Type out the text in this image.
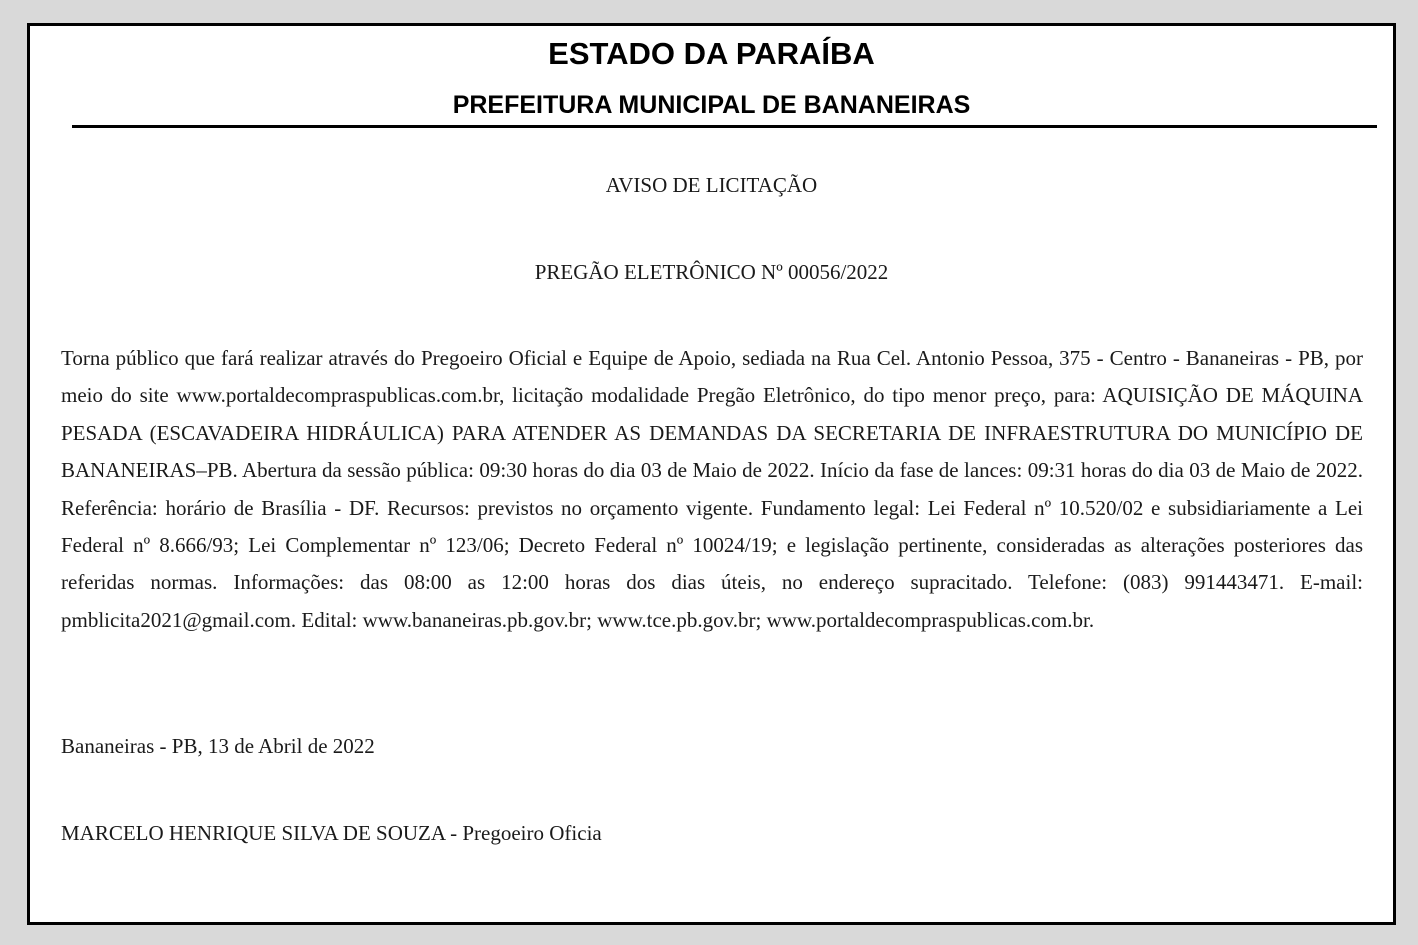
ESTADO DA PARAÍBA
PREFEITURA MUNICIPAL DE BANANEIRAS
AVISO DE LICITAÇÃO
PREGÃO ELETRÔNICO Nº 00056/2022

Torna público que fará realizar através do Pregoeiro Oficial e Equipe de Apoio, sediada na Rua Cel. Antonio Pessoa, 375 - Centro - Bananeiras - PB, por meio do site www.portaldecompraspublicas.com.br, licitação modalidade Pregão Eletrônico, do tipo menor preço, para: AQUISIÇÃO DE MÁQUINA PESADA (ESCAVADEIRA HIDRÁULICA) PARA ATENDER AS DEMANDAS DA SECRETARIA DE INFRAESTRUTURA DO MUNICÍPIO DE BANANEIRAS–PB. Abertura da sessão pública: 09:30 horas do dia 03 de Maio de 2022. Início da fase de lances: 09:31 horas do dia 03 de Maio de 2022. Referência: horário de Brasília - DF. Recursos: previstos no orçamento vigente. Fundamento legal: Lei Federal nº 10.520/02 e subsidiariamente a Lei Federal nº 8.666/93; Lei Complementar nº 123/06; Decreto Federal nº 10024/19; e legislação pertinente, consideradas as alterações posteriores das referidas normas. Informações: das 08:00 as 12:00 horas dos dias úteis, no endereço supracitado. Telefone: (083) 991443471. E-mail: pmblicita2021@gmail.com. Edital: www.bananeiras.pb.gov.br; www.tce.pb.gov.br; www.portaldecompraspublicas.com.br.

Bananeiras - PB, 13 de Abril de 2022
MARCELO HENRIQUE SILVA DE SOUZA - Pregoeiro Oficia
